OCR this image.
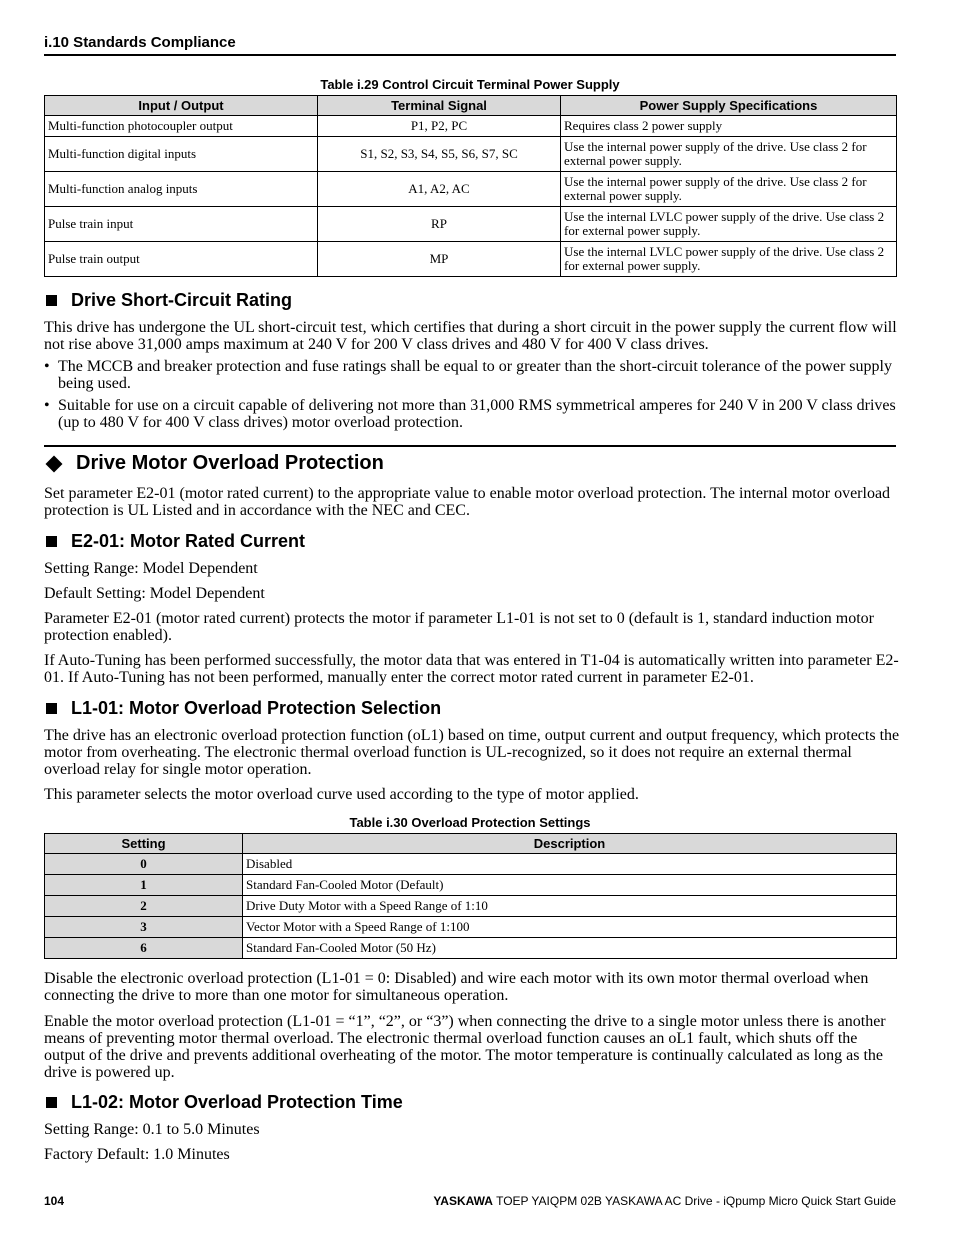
i.10 Standards Compliance
Table i.29 Control Circuit Terminal Power Supply
Input / Output	Terminal Signal	Power Supply Specifications
Multi-function photocoupler output	P1, P2, PC	Requires class 2 power supply
Multi-function digital inputs	S1, S2, S3, S4, S5, S6, S7, SC	Use the internal power supply of the drive. Use class 2 for external power supply.
Multi-function analog inputs	A1, A2, AC	Use the internal power supply of the drive. Use class 2 for external power supply.
Pulse train input	RP	Use the internal LVLC power supply of the drive. Use class 2 for external power supply.
Pulse train output	MP	Use the internal LVLC power supply of the drive. Use class 2 for external power supply.
Drive Short-Circuit Rating
This drive has undergone the UL short-circuit test, which certifies that during a short circuit in the power supply the current flow will not rise above 31,000 amps maximum at 240 V for 200 V class drives and 480 V for 400 V class drives.
• The MCCB and breaker protection and fuse ratings shall be equal to or greater than the short-circuit tolerance of the power supply being used.
• Suitable for use on a circuit capable of delivering not more than 31,000 RMS symmetrical amperes for 240 V in 200 V class drives (up to 480 V for 400 V class drives) motor overload protection.
Drive Motor Overload Protection
Set parameter E2-01 (motor rated current) to the appropriate value to enable motor overload protection. The internal motor overload protection is UL Listed and in accordance with the NEC and CEC.
E2-01: Motor Rated Current
Setting Range: Model Dependent
Default Setting: Model Dependent
Parameter E2-01 (motor rated current) protects the motor if parameter L1-01 is not set to 0 (default is 1, standard induction motor protection enabled).
If Auto-Tuning has been performed successfully, the motor data that was entered in T1-04 is automatically written into parameter E2-01. If Auto-Tuning has not been performed, manually enter the correct motor rated current in parameter E2-01.
L1-01: Motor Overload Protection Selection
The drive has an electronic overload protection function (oL1) based on time, output current and output frequency, which protects the motor from overheating. The electronic thermal overload function is UL-recognized, so it does not require an external thermal overload relay for single motor operation.
This parameter selects the motor overload curve used according to the type of motor applied.
Table i.30 Overload Protection Settings
Setting	Description
0	Disabled
1	Standard Fan-Cooled Motor (Default)
2	Drive Duty Motor with a Speed Range of 1:10
3	Vector Motor with a Speed Range of 1:100
6	Standard Fan-Cooled Motor (50 Hz)
Disable the electronic overload protection (L1-01 = 0: Disabled) and wire each motor with its own motor thermal overload when connecting the drive to more than one motor for simultaneous operation.
Enable the motor overload protection (L1-01 = “1”, “2”, or “3”) when connecting the drive to a single motor unless there is another means of preventing motor thermal overload. The electronic thermal overload function causes an oL1 fault, which shuts off the output of the drive and prevents additional overheating of the motor. The motor temperature is continually calculated as long as the drive is powered up.
L1-02: Motor Overload Protection Time
Setting Range: 0.1 to 5.0 Minutes
Factory Default: 1.0 Minutes
104	YASKAWA TOEP YAIQPM 02B YASKAWA AC Drive - iQpump Micro Quick Start Guide
